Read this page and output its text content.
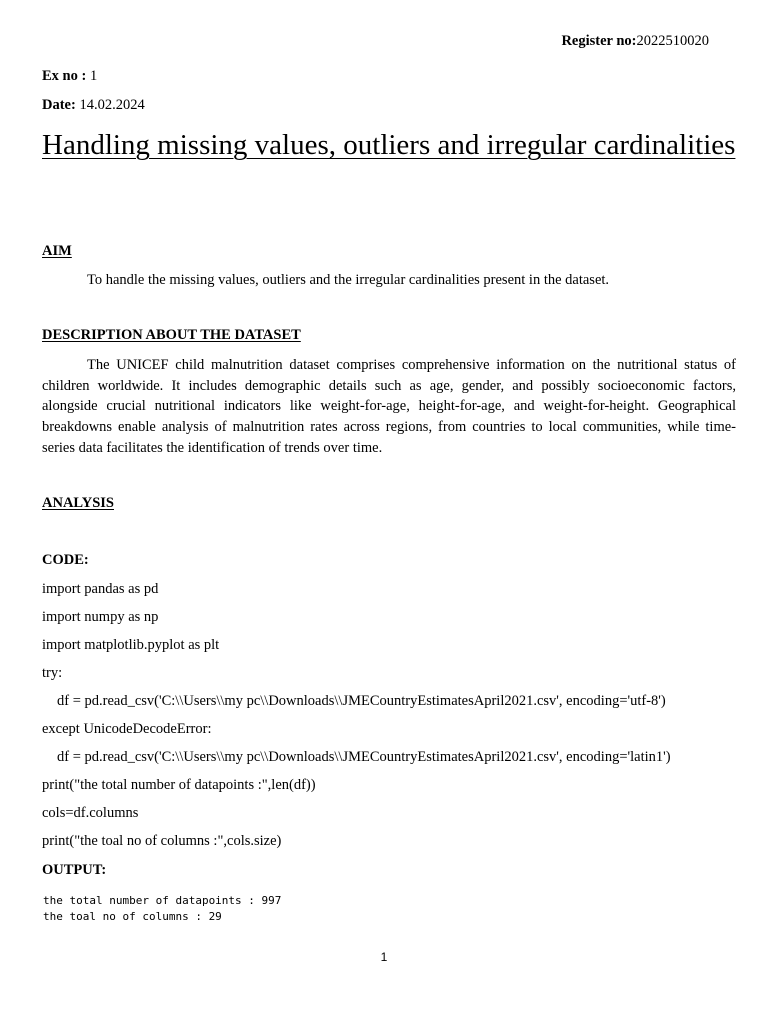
Register no:2022510020
Ex no : 1
Date: 14.02.2024
Handling missing values, outliers and irregular cardinalities
AIM
To handle the missing values, outliers and the irregular cardinalities present in the dataset.
DESCRIPTION ABOUT THE DATASET

The UNICEF child malnutrition dataset comprises comprehensive information on the nutritional status of children worldwide. It includes demographic details such as age, gender, and possibly socioeconomic factors, alongside crucial nutritional indicators like weight-for-age, height-for-age, and weight-for-height. Geographical breakdowns enable analysis of malnutrition rates across regions, from countries to local communities, while time-series data facilitates the identification of trends over time.

ANALYSIS
CODE:
import pandas as pd
import numpy as np
import matplotlib.pyplot as plt
try:
df = pd.read_csv('C:\\Users\\my pc\\Downloads\\JMECountryEstimatesApril2021.csv', encoding='utf-8')
except UnicodeDecodeError:
df = pd.read_csv('C:\\Users\\my pc\\Downloads\\JMECountryEstimatesApril2021.csv', encoding='latin1')
print("the total number of datapoints :",len(df))
cols=df.columns
print("the toal no of columns :",cols.size)
OUTPUT:
the total number of datapoints : 997
the toal no of columns : 29
1
